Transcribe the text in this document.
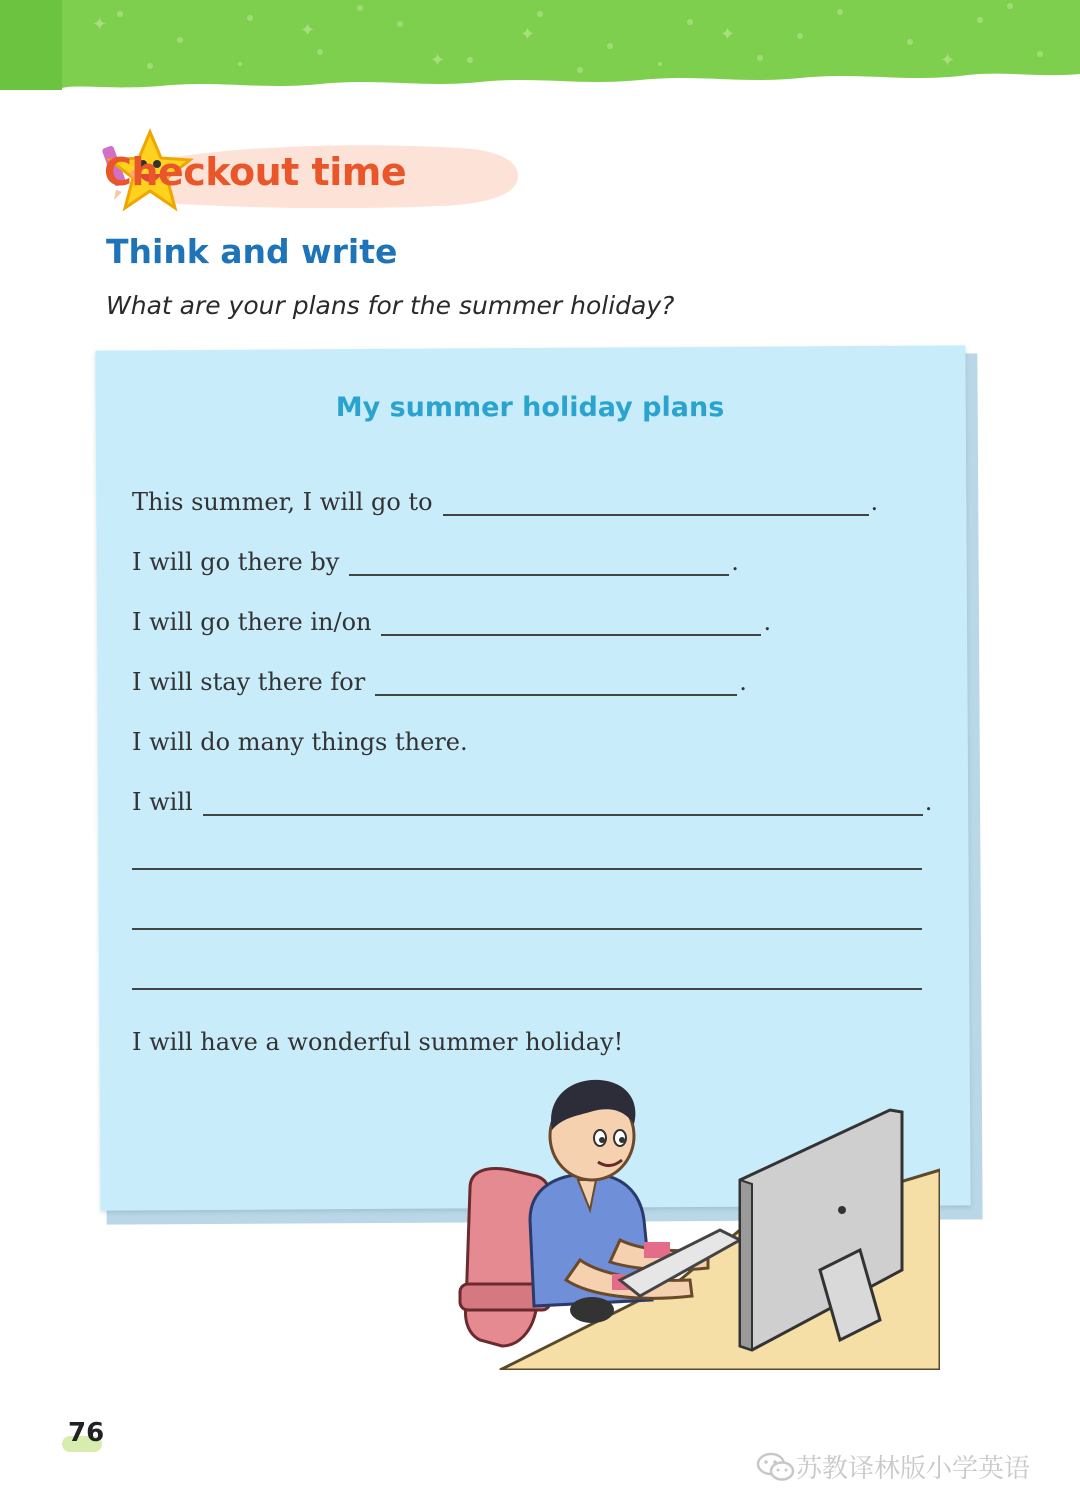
✦	✦	✦	✦
✦
✦
Checkout time
Think and write
What are your plans for the summer holiday?
My summer holiday plans
This summer, I will go to	.
I will go there by	.
I will go there in/on	.
I will stay there for	.
I will do many things there.
I will	.
I will have a wonderful summer holiday!
76
苏教译林版小学英语
